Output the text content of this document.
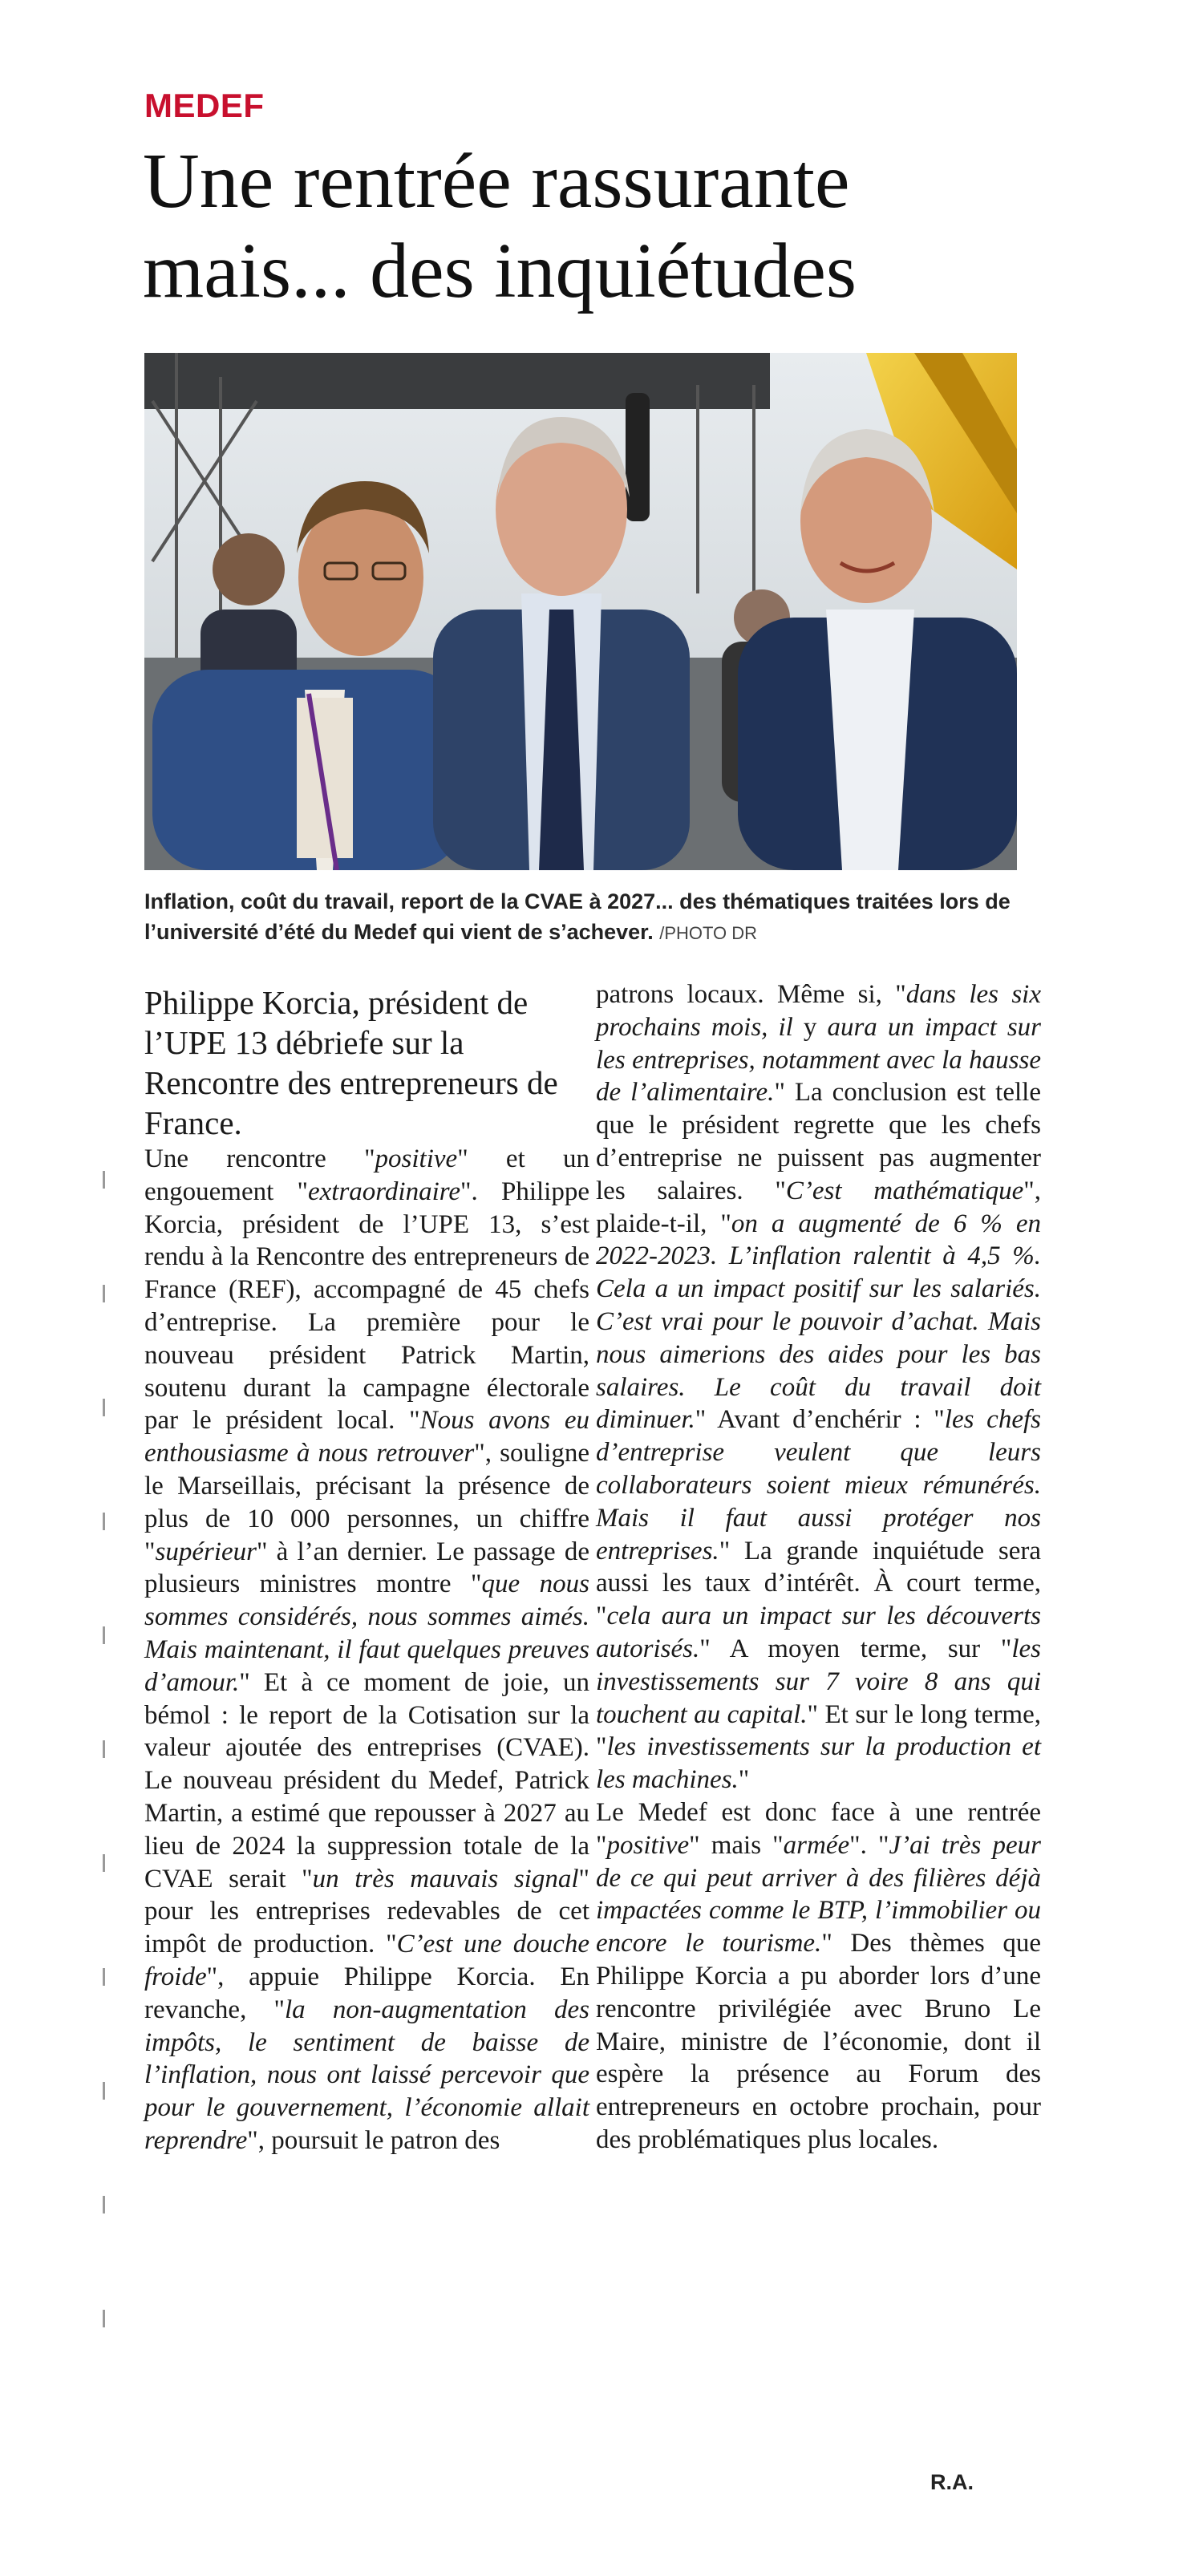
MEDEF
Une rentrée rassurante
mais... des inquiétudes
Inflation, coût du travail, report de la CVAE à 2027... des thématiques traitées lors de l’université d’été du Medef qui vient de s’achever. /PHOTO DR

Philippe Korcia, président de l’UPE 13 débriefe sur la Rencontre des entrepreneurs de France.

Une rencontre "positive" et un engouement "extraordinaire". Philippe Korcia, président de l’UPE 13, s’est rendu à la Rencontre des entrepreneurs de France (REF), accompagné de 45 chefs d’entreprise. La première pour le nouveau président Patrick Martin, soutenu durant la campagne électorale par le président local. "Nous avons eu enthousiasme à nous retrouver", souligne le Marseillais, précisant la présence de plus de 10 000 personnes, un chiffre "supérieur" à l’an dernier. Le passage de plusieurs ministres montre "que nous sommes considérés, nous sommes aimés. Mais maintenant, il faut quelques preuves d’amour." Et à ce moment de joie, un bémol : le report de la Cotisation sur la valeur ajoutée des entreprises (CVAE). Le nouveau président du Medef, Patrick Martin, a estimé que repousser à 2027 au lieu de 2024 la suppression totale de la CVAE serait "un très mauvais signal" pour les entreprises redevables de cet impôt de production. "C’est une douche froide", appuie Philippe Korcia. En revanche, "la non-augmentation des impôts, le sentiment de baisse de l’inflation, nous ont laissé percevoir que pour le gouvernement, l’économie allait reprendre", poursuit le patron des

patrons locaux. Même si, "dans les six prochains mois, il y aura un impact sur les entreprises, notamment avec la hausse de l’alimentaire." La conclusion est telle que le président regrette que les chefs d’entreprise ne puissent pas augmenter les salaires. "C’est mathématique", plaide-t-il, "on a augmenté de 6 % en 2022-2023. L’inflation ralentit à 4,5 %. Cela a un impact positif sur les salariés. C’est vrai pour le pouvoir d’achat. Mais nous aimerions des aides pour les bas salaires. Le coût du travail doit diminuer." Avant d’enchérir : "les chefs d’entreprise veulent que leurs collaborateurs soient mieux rémunérés. Mais il faut aussi protéger nos entreprises." La grande inquiétude sera aussi les taux d’intérêt. À court terme, "cela aura un impact sur les découverts autorisés." A moyen terme, sur "les investissements sur 7 voire 8 ans qui touchent au capital." Et sur le long terme, "les investissements sur la production et les machines."
Le Medef est donc face à une rentrée "positive" mais "armée". "J’ai très peur de ce qui peut arriver à des filières déjà impactées comme le BTP, l’immobilier ou encore le tourisme." Des thèmes que Philippe Korcia a pu aborder lors d’une rencontre privilégiée avec Bruno Le Maire, ministre de l’économie, dont il espère la présence au Forum des entrepreneurs en octobre prochain, pour des problématiques plus locales.

R.A.
